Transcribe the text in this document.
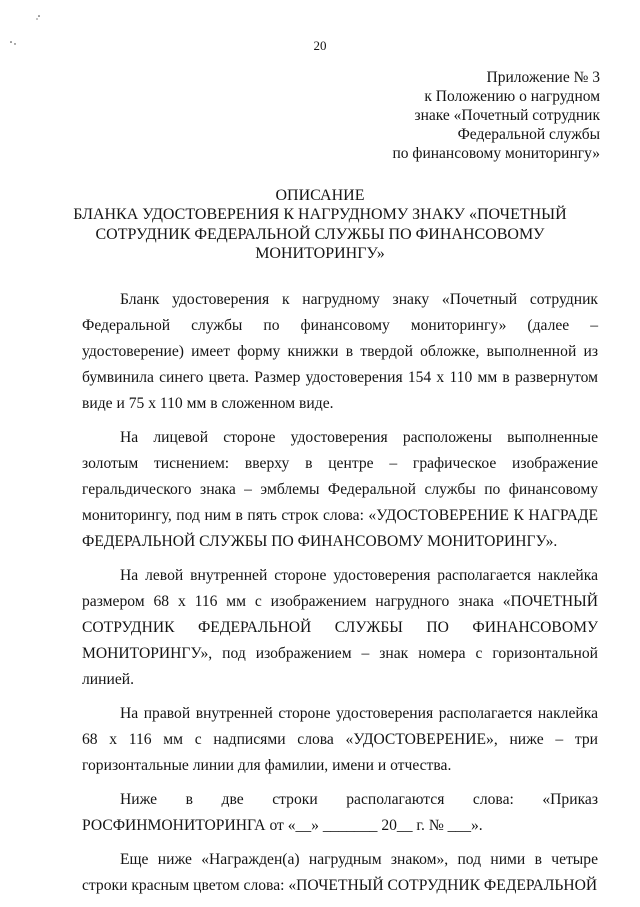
20
Приложение № 3
к Положению о нагрудном
знаке «Почетный сотрудник
Федеральной службы
по финансовому мониторингу»
ОПИСАНИЕ
БЛАНКА УДОСТОВЕРЕНИЯ К НАГРУДНОМУ ЗНАКУ «ПОЧЕТНЫЙ
СОТРУДНИК ФЕДЕРАЛЬНОЙ СЛУЖБЫ ПО ФИНАНСОВОМУ
МОНИТОРИНГУ»

Бланк удостоверения к нагрудному знаку «Почетный сотрудник Федеральной службы по финансовому мониторингу» (далее – удостоверение) имеет форму книжки в твердой обложке, выполненной из бумвинила синего цвета. Размер удостоверения 154 х 110 мм в развернутом виде и 75 х 110 мм в сложенном виде.

На лицевой стороне удостоверения расположены выполненные золотым тиснением: вверху в центре – графическое изображение геральдического знака – эмблемы Федеральной службы по финансовому мониторингу, под ним в пять строк слова: «УДОСТОВЕРЕНИЕ К НАГРАДЕ ФЕДЕРАЛЬНОЙ СЛУЖБЫ ПО ФИНАНСОВОМУ МОНИТОРИНГУ».

На левой внутренней стороне удостоверения располагается наклейка размером 68 х 116 мм с изображением нагрудного знака «ПОЧЕТНЫЙ СОТРУДНИК ФЕДЕРАЛЬНОЙ СЛУЖБЫ ПО ФИНАНСОВОМУ МОНИТОРИНГУ», под изображением – знак номера с горизонтальной линией.

На правой внутренней стороне удостоверения располагается наклейка 68 х 116 мм с надписями слова «УДОСТОВЕРЕНИЕ», ниже – три горизонтальные линии для фамилии, имени и отчества.

Ниже в две строки располагаются слова: «Приказ РОСФИНМОНИТОРИНГА от «__» _______ 20__ г. № ___».

Еще ниже «Награжден(а) нагрудным знаком», под ними в четыре строки красным цветом слова: «ПОЧЕТНЫЙ СОТРУДНИК ФЕДЕРАЛЬНОЙ
